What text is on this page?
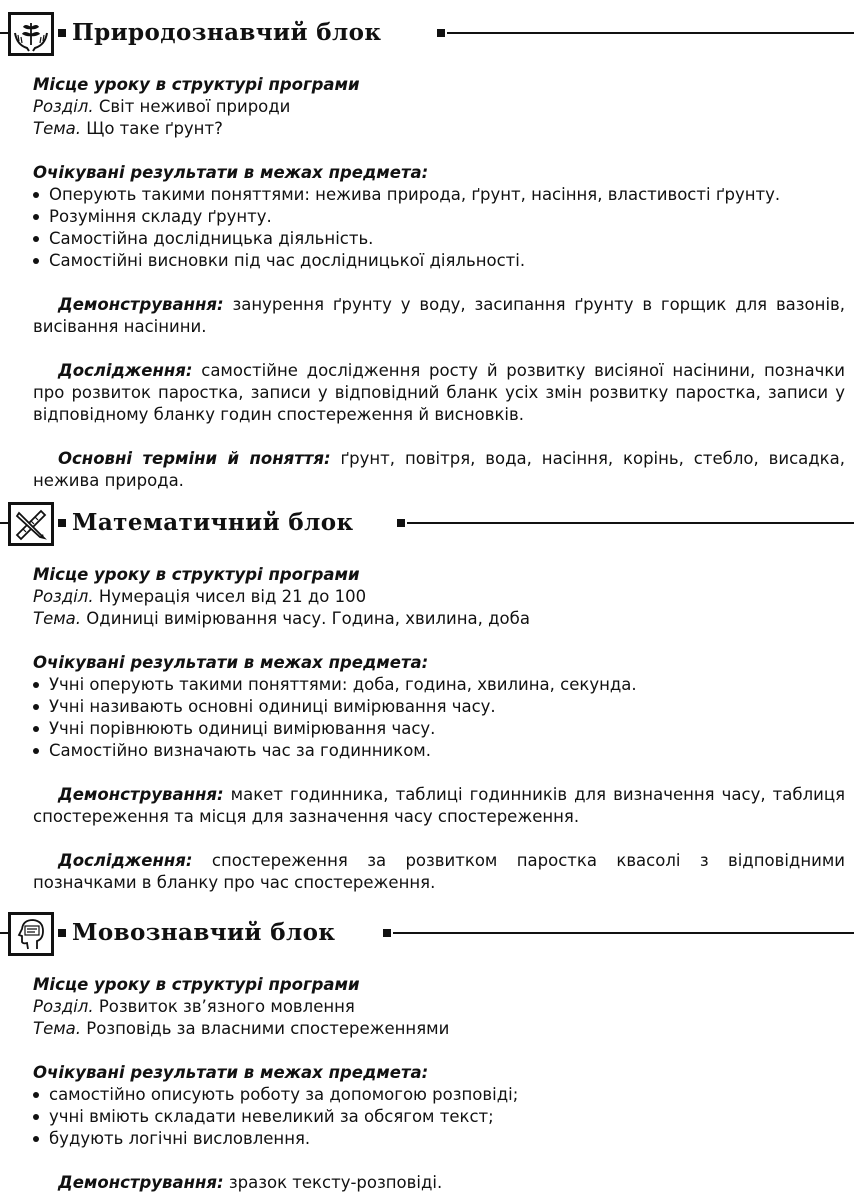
Природознавчий блок
Місце уроку в структурі програми
Розділ. Світ неживої природи
Тема. Що таке ґрунт?
Очікувані результати в межах предмета:
Оперують такими поняттями: нежива природа, ґрунт, насіння, властивості ґрунту.
Розуміння складу ґрунту.
Самостійна дослідницька діяльність.
Самостійні висновки під час дослідницької діяльності.
Демонстрування: занурення ґрунту у воду, засипання ґрунту в горщик для вазонів, висівання насінини.
Дослідження: самостійне дослідження росту й розвитку висіяної насінини, позначки про розвиток паростка, записи у відповідний бланк усіх змін розвитку паростка, записи у відповідному бланку годин спостереження й висновків.
Основні терміни й поняття: ґрунт, повітря, вода, насіння, корінь, стебло, висадка, нежива природа.
Математичний блок
Місце уроку в структурі програми
Розділ. Нумерація чисел від 21 до 100
Тема. Одиниці вимірювання часу. Година, хвилина, доба
Очікувані результати в межах предмета:
Учні оперують такими поняттями: доба, година, хвилина, секунда.
Учні називають основні одиниці вимірювання часу.
Учні порівнюють одиниці вимірювання часу.
Самостійно визначають час за годинником.
Демонстрування: макет годинника, таблиці годинників для визначення часу, таблиця спостереження та місця для зазначення часу спостереження.
Дослідження: спостереження за розвитком паростка квасолі з відповідними позначками в бланку про час спостереження.
Мовознавчий блок
Місце уроку в структурі програми
Розділ. Розвиток зв’язного мовлення
Тема. Розповідь за власними спостереженнями
Очікувані результати в межах предмета:
самостійно описують роботу за допомогою розповіді;
учні вміють складати невеликий за обсягом текст;
будують логічні висловлення.
Демонстрування: зразок тексту-розповіді.
